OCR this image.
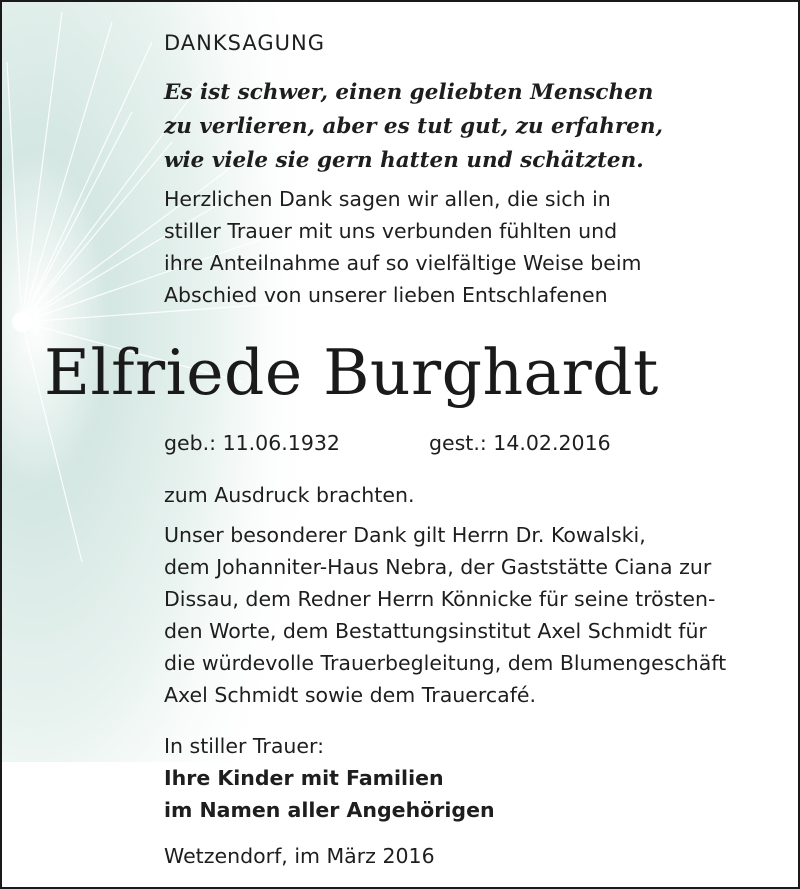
DANKSAGUNG
Es ist schwer, einen geliebten Menschen
zu verlieren, aber es tut gut, zu erfahren,
wie viele sie gern hatten und schätzten.
Herzlichen Dank sagen wir allen, die sich in
stiller Trauer mit uns verbunden fühlten und
ihre Anteilnahme auf so vielfältige Weise beim
Abschied von unserer lieben Entschlafenen
Elfriede Burghardt
geb.: 11.06.1932	gest.: 14.02.2016
zum Ausdruck brachten.
Unser besonderer Dank gilt Herrn Dr. Kowalski,
dem Johanniter-Haus Nebra, der Gaststätte Ciana zur
Dissau, dem Redner Herrn Könnicke für seine trösten-
den Worte, dem Bestattungsinstitut Axel Schmidt für
die würdevolle Trauerbegleitung, dem Blumengeschäft
Axel Schmidt sowie dem Trauercafé.
In stiller Trauer:
Ihre Kinder mit Familien
im Namen aller Angehörigen
Wetzendorf, im März 2016
